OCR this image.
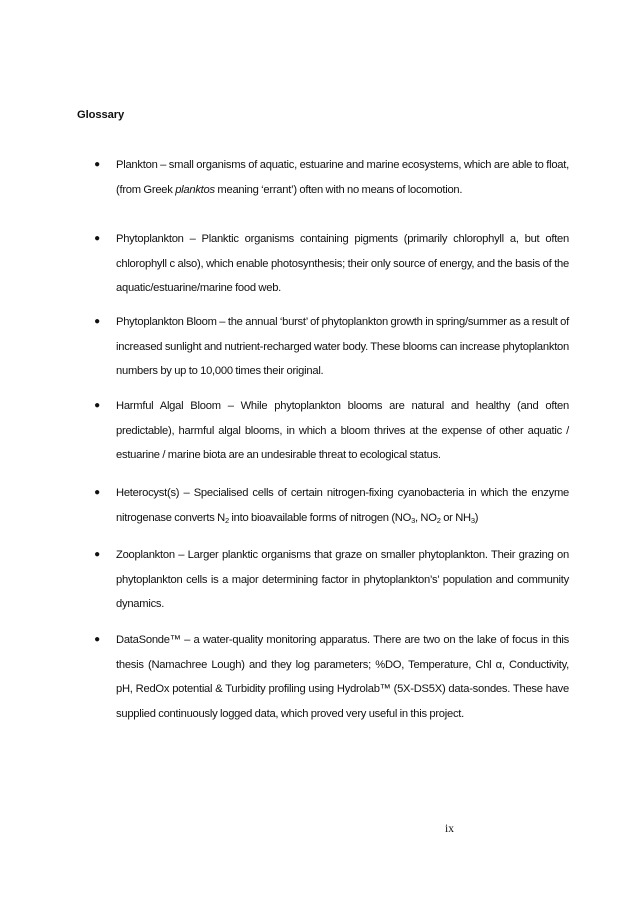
Glossary
● Plankton – small organisms of aquatic, estuarine and marine ecosystems, which are able to float, (from Greek planktos meaning ‘errant’) often with no means of locomotion.
● Phytoplankton – Planktic organisms containing pigments (primarily chlorophyll a, but often chlorophyll c also), which enable photosynthesis; their only source of energy, and the basis of the aquatic/estuarine/marine food web.
● Phytoplankton Bloom – the annual ‘burst’ of phytoplankton growth in spring/summer as a result of increased sunlight and nutrient-recharged water body. These blooms can increase phytoplankton numbers by up to 10,000 times their original.
● Harmful Algal Bloom – While phytoplankton blooms are natural and healthy (and often predictable), harmful algal blooms, in which a bloom thrives at the expense of other aquatic / estuarine / marine biota are an undesirable threat to ecological status.
● Heterocyst(s) – Specialised cells of certain nitrogen-fixing cyanobacteria in which the enzyme nitrogenase converts $N_2$ into bioavailable forms of nitrogen ($NO_3$, $NO_2$ or $NH_3$)
● Zooplankton – Larger planktic organisms that graze on smaller phytoplankton. Their grazing on phytoplankton cells is a major determining factor in phytoplankton’s’ population and community dynamics.
● DataSonde™ – a water-quality monitoring apparatus. There are two on the lake of focus in this thesis (Namachree Lough) and they log parameters; %DO, Temperature, Chl α, Conductivity, pH, RedOx potential & Turbidity profiling using Hydrolab™ (5X-DS5X) data-sondes. These have supplied continuously logged data, which proved very useful in this project.
ix
